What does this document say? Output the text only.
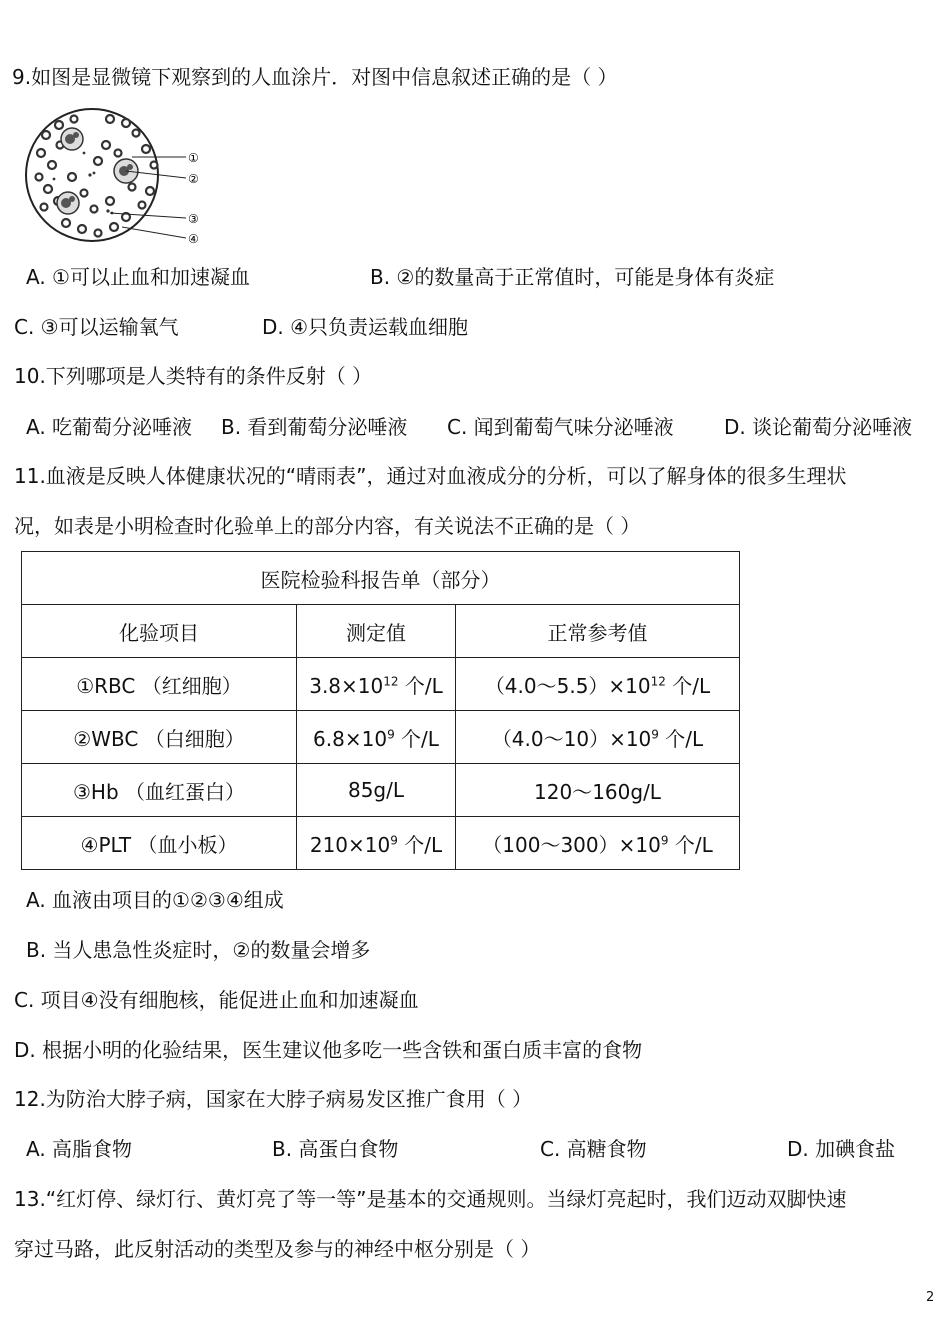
9.如图是显微镜下观察到的人血涂片．对图中信息叙述正确的是（ ）
①
②
③
④
A. ①可以止血和加速凝血	B. ②的数量高于正常值时，可能是身体有炎症
C. ③可以运输氧气	D. ④只负责运载血细胞
10.下列哪项是人类特有的条件反射（ ）
A. 吃葡萄分泌唾液 B. 看到葡萄分泌唾液 C. 闻到葡萄气味分泌唾液	D. 谈论葡萄分泌唾液
11.血液是反映人体健康状况的“晴雨表”，通过对血液成分的分析，可以了解身体的很多生理状
况，如表是小明检查时化验单上的部分内容，有关说法不正确的是（ ）
医院检验科报告单（部分）		
化验项目	测定值	正常参考值
①RBC （红细胞）	$3.8\times 10^{12}$ 个/L	$(4.0\sim 5.5)\times 10^{12}$ 个/L
②WBC （白细胞）	$6.8\times 10^9$ 个/L	$(4.0\sim 10)\times 10^9$ 个/L
③Hb （血红蛋白）	85g/L	120～160g/L
④PLT （血小板）	$210\times 10^9$ 个/L	$(100\sim 300)\times 10^9$ 个/L
A. 血液由项目的①②③④组成
B. 当人患急性炎症时，②的数量会增多
C. 项目④没有细胞核，能促进止血和加速凝血
D. 根据小明的化验结果，医生建议他多吃一些含铁和蛋白质丰富的食物
12.为防治大脖子病，国家在大脖子病易发区推广食用（ ）
A. 高脂食物	B. 高蛋白食物	C. 高糖食物	D. 加碘食盐
13.“红灯停、绿灯行、黄灯亮了等一等”是基本的交通规则。当绿灯亮起时，我们迈动双脚快速
穿过马路，此反射活动的类型及参与的神经中枢分别是（ ）
2
